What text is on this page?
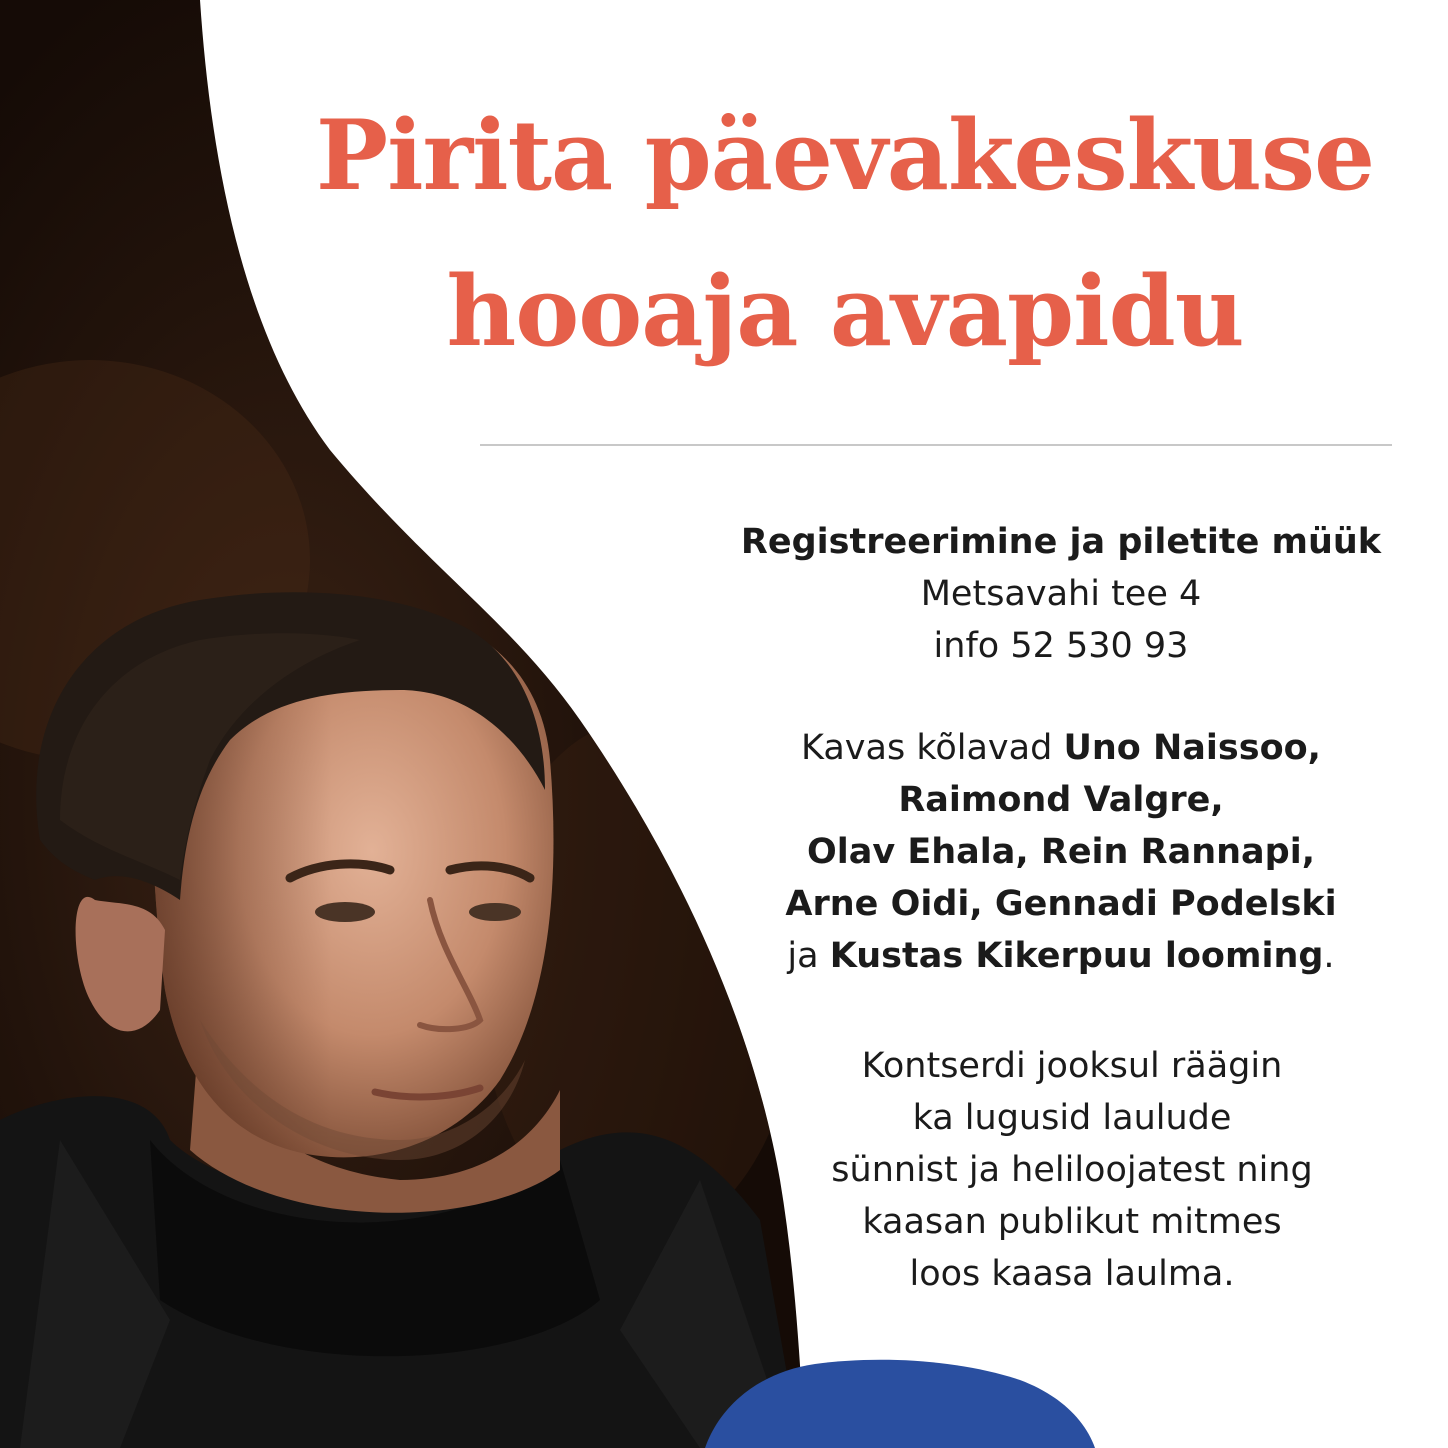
Pirita päevakeskuse
hooaja avapidu
Registreerimine ja piletite müük
Metsavahi tee 4
info 52 530 93
Kavas kõlavad Uno Naissoo,
Raimond Valgre,
Olav Ehala, Rein Rannapi,
Arne Oidi, Gennadi Podelski
ja Kustas Kikerpuu looming.
Kontserdi jooksul räägin
ka lugusid laulude
sünnist ja heliloojatest ning
kaasan publikut mitmes
loos kaasa laulma.
